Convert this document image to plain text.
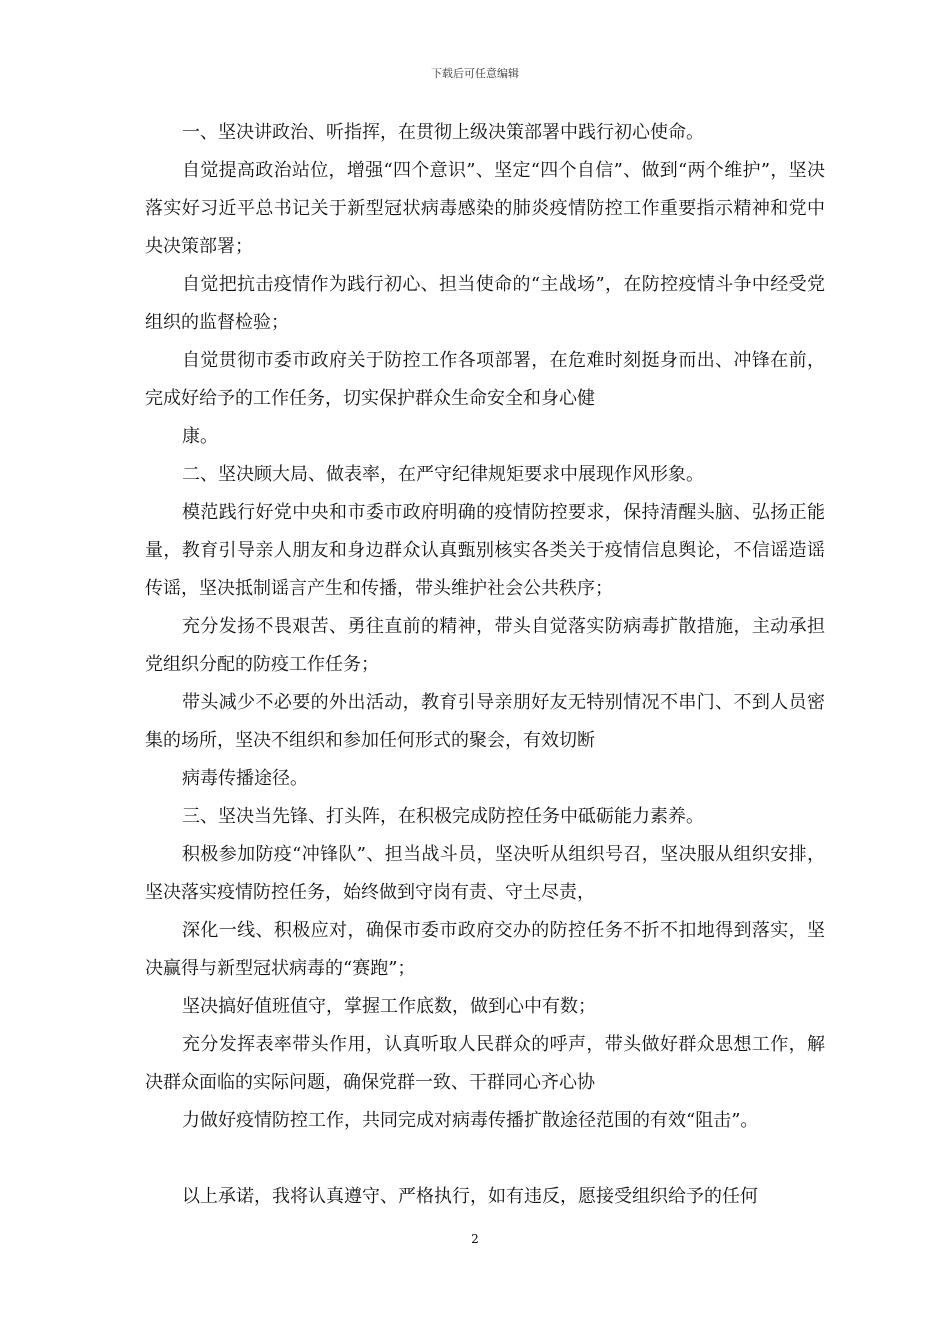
下载后可任意编辑

一、坚决讲政治、听指挥，在贯彻上级决策部署中践行初心使命。

自觉提高政治站位，增强“四个意识”、坚定“四个自信”、做到“两个维护”，坚决落实好习近平总书记关于新型冠状病毒感染的肺炎疫情防控工作重要指示精神和党中央决策部署；

自觉把抗击疫情作为践行初心、担当使命的“主战场”，在防控疫情斗争中经受党组织的监督检验；

自觉贯彻市委市政府关于防控工作各项部署，在危难时刻挺身而出、冲锋在前，完成好给予的工作任务，切实保护群众生命安全和身心健

康。

二、坚决顾大局、做表率，在严守纪律规矩要求中展现作风形象。

模范践行好党中央和市委市政府明确的疫情防控要求，保持清醒头脑、弘扬正能量，教育引导亲人朋友和身边群众认真甄别核实各类关于疫情信息舆论，不信谣造谣传谣，坚决抵制谣言产生和传播，带头维护社会公共秩序；

充分发扬不畏艰苦、勇往直前的精神，带头自觉落实防病毒扩散措施，主动承担党组织分配的防疫工作任务；

带头减少不必要的外出活动，教育引导亲朋好友无特别情况不串门、不到人员密集的场所，坚决不组织和参加任何形式的聚会，有效切断

病毒传播途径。

三、坚决当先锋、打头阵，在积极完成防控任务中砥砺能力素养。

积极参加防疫“冲锋队”、担当战斗员，坚决听从组织号召，坚决服从组织安排，坚决落实疫情防控任务，始终做到守岗有责、守土尽责，

深化一线、积极应对，确保市委市政府交办的防控任务不折不扣地得到落实，坚决赢得与新型冠状病毒的“赛跑”；

坚决搞好值班值守，掌握工作底数，做到心中有数；

充分发挥表率带头作用，认真听取人民群众的呼声，带头做好群众思想工作，解决群众面临的实际问题，确保党群一致、干群同心齐心协

力做好疫情防控工作，共同完成对病毒传播扩散途径范围的有效“阻击”。

以上承诺，我将认真遵守、严格执行，如有违反，愿接受组织给予的任何

2
